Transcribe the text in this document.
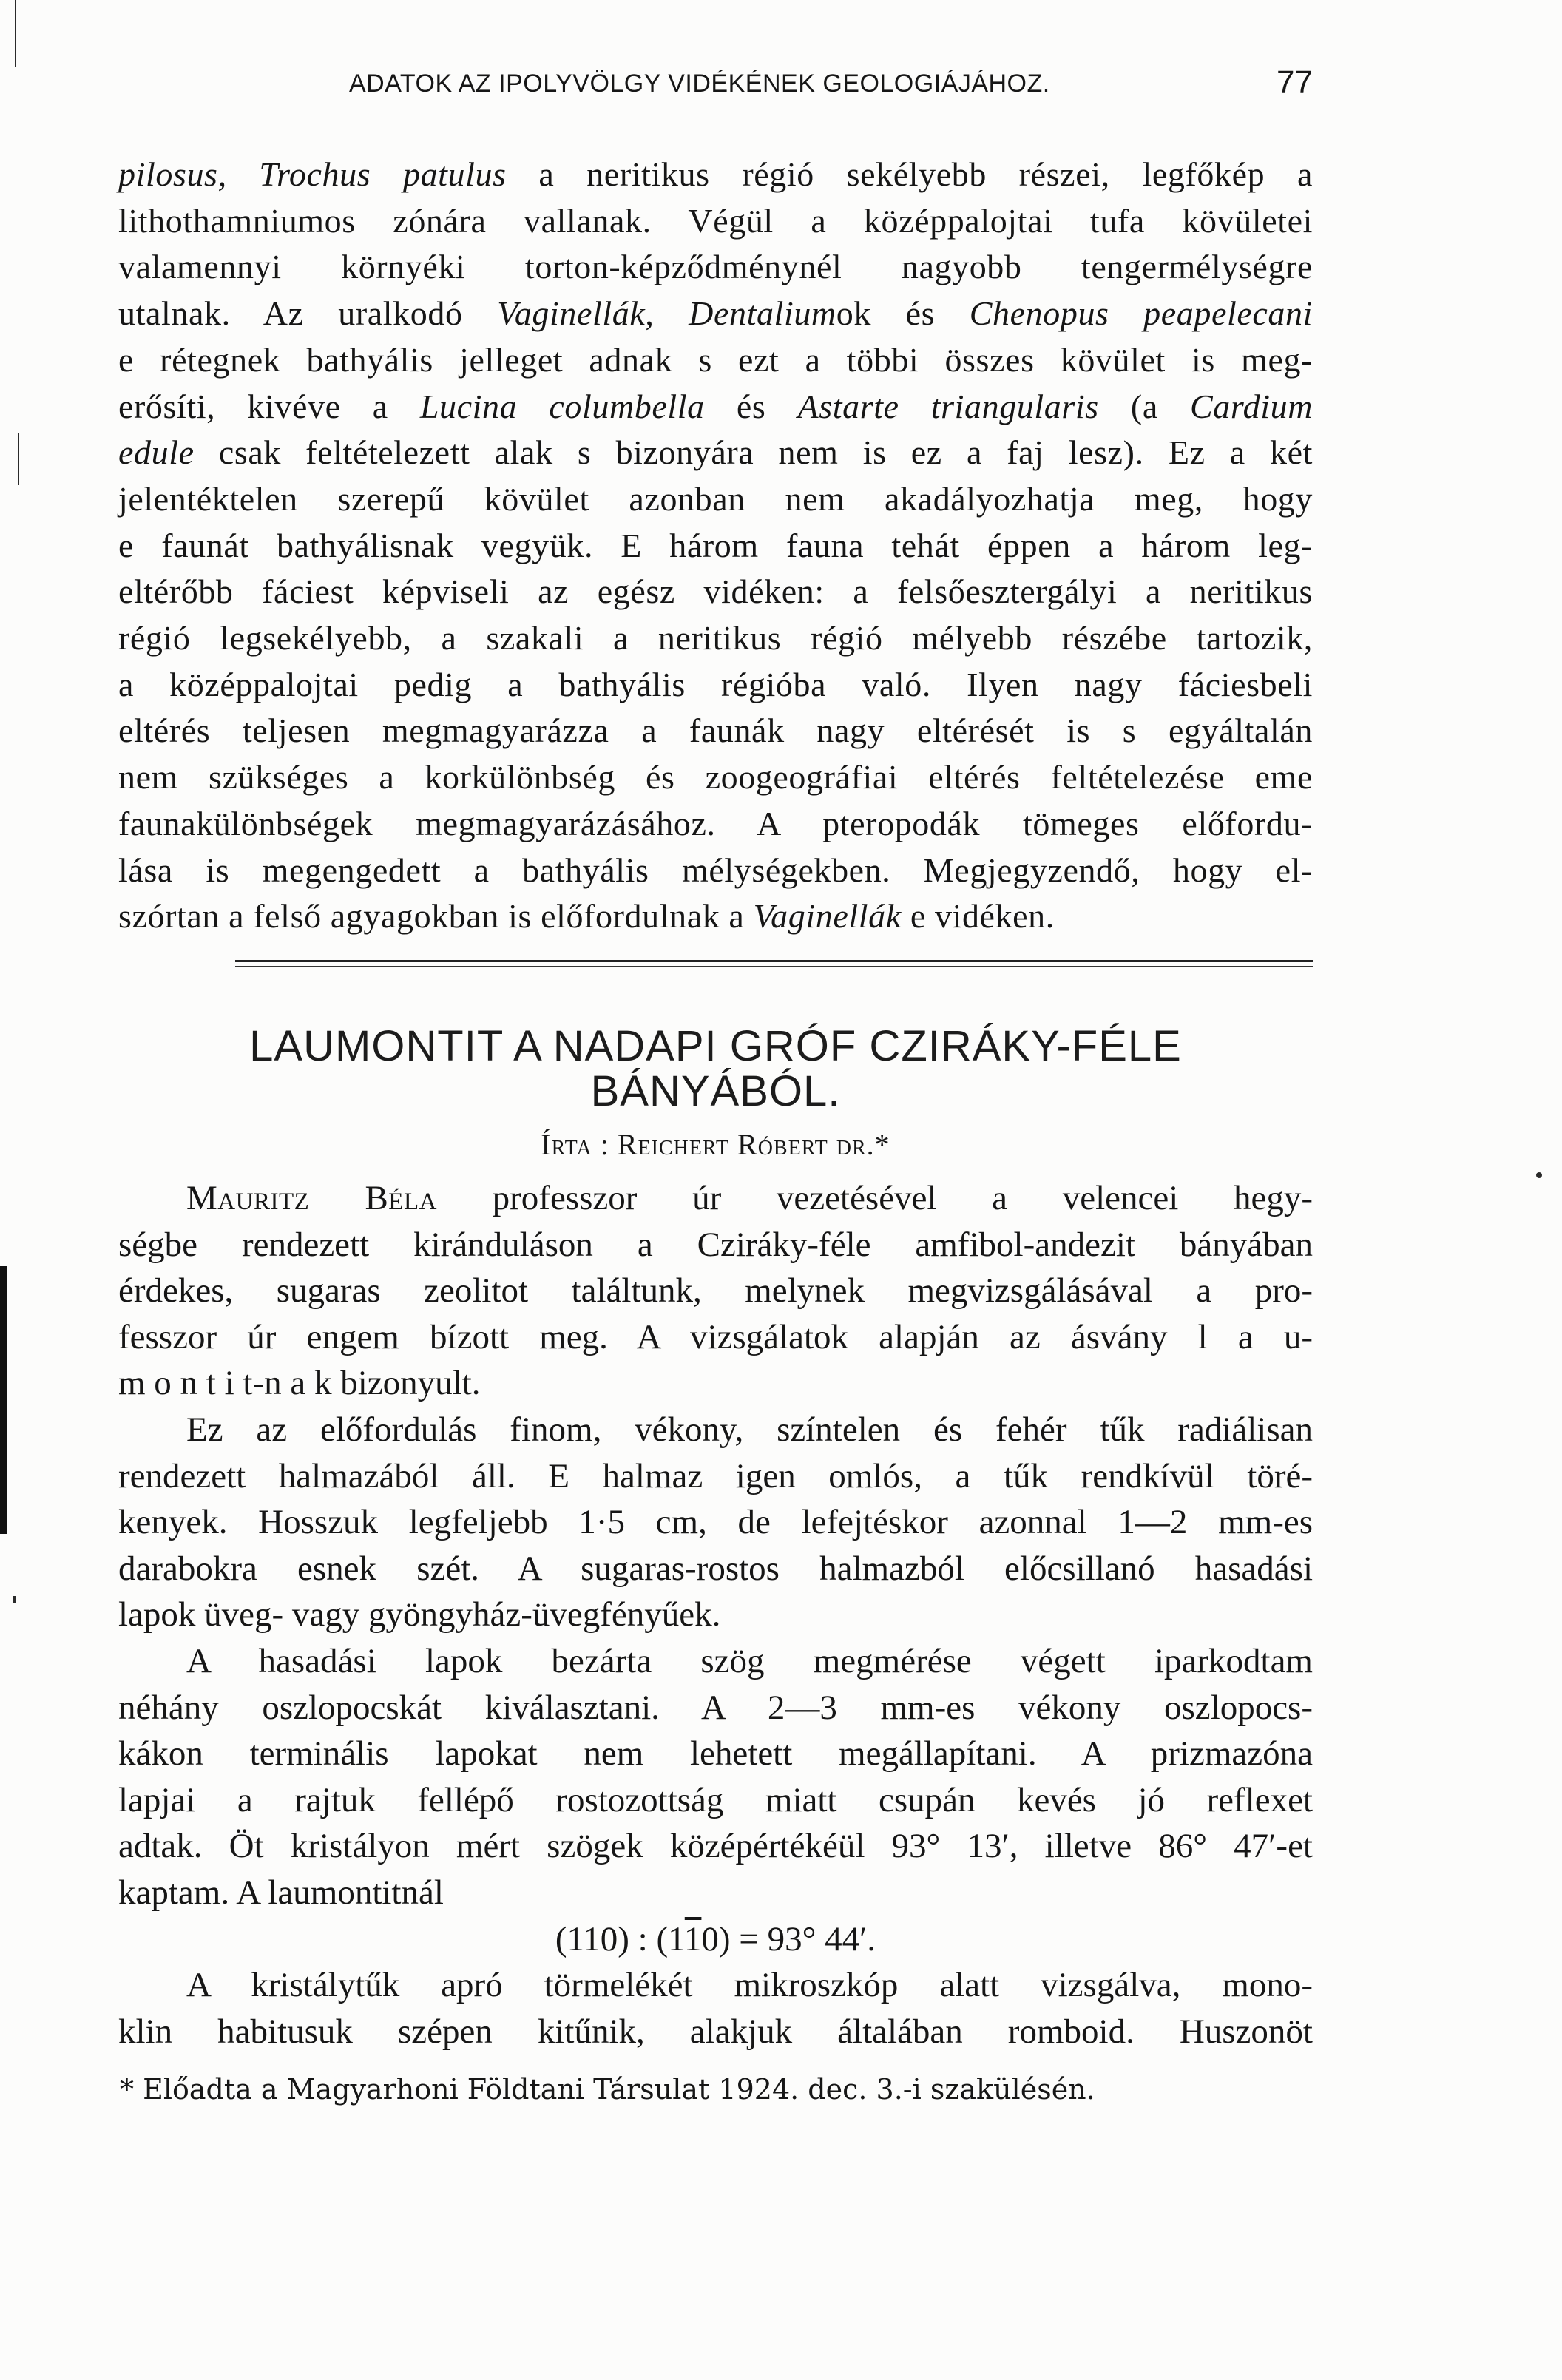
ADATOK AZ IPOLYVÖLGY VIDÉKÉNEK GEOLOGIÁJÁHOZ.	77
pilosus, Trochus patulus a neritikus régió sekélyebb részei, legfőkép a
lithothamniumos zónára vallanak. Végül a középpalojtai tufa kövületei
valamennyi környéki torton-képződménynél nagyobb tengermélységre
utalnak. Az uralkodó Vaginellák, Dentaliumok és Chenopus peapelecani
e rétegnek bathyális jelleget adnak s ezt a többi összes kövület is meg-
erősíti, kivéve a Lucina columbella és Astarte triangularis (a Cardium
edule csak feltételezett alak s bizonyára nem is ez a faj lesz). Ez a két
jelentéktelen szerepű kövület azonban nem akadályozhatja meg, hogy
e faunát bathyálisnak vegyük. E három fauna tehát éppen a három leg-
eltérőbb fáciest képviseli az egész vidéken: a felsőesztergályi a neritikus
régió legsekélyebb, a szakali a neritikus régió mélyebb részébe tartozik,
a középpalojtai pedig a bathyális régióba való. Ilyen nagy fáciesbeli
eltérés teljesen megmagyarázza a faunák nagy eltérését is s egyáltalán
nem szükséges a korkülönbség és zoogeográfiai eltérés feltételezése eme
faunakülönbségek megmagyarázásához. A pteropodák tömeges előfordu-
lása is megengedett a bathyális mélységekben. Megjegyzendő, hogy el-
szórtan a felső agyagokban is előfordulnak a Vaginellák e vidéken.
LAUMONTIT A NADAPI GRÓF CZIRÁKY-FÉLE
BÁNYÁBÓL.
Írta : Reichert Róbert dr.*
Mauritz Béla professzor úr vezetésével a velencei hegy-
ségbe rendezett kiránduláson a Cziráky-féle amfibol-andezit bányában
érdekes, sugaras zeolitot találtunk, melynek megvizsgálásával a pro-
fesszor úr engem bízott meg. A vizsgálatok alapján az ásvány l a u-
m o n t i t-n a k bizonyult.
Ez az előfordulás finom, vékony, színtelen és fehér tűk radiálisan
rendezett halmazából áll. E halmaz igen omlós, a tűk rendkívül töré-
kenyek. Hosszuk legfeljebb 1·5 cm, de lefejtéskor azonnal 1—2 mm-es
darabokra esnek szét. A sugaras-rostos halmazból előcsillanó hasadási
lapok üveg- vagy gyöngyház-üvegfényűek.
A hasadási lapok bezárta szög megmérése végett iparkodtam
néhány oszlopocskát kiválasztani. A 2—3 mm-es vékony oszlopocs-
kákon terminális lapokat nem lehetett megállapítani. A prizmazóna
lapjai a rajtuk fellépő rostozottság miatt csupán kevés jó reflexet
adtak. Öt kristályon mért szögek középértékéül 93° 13′, illetve 86° 47′-et
kaptam. A laumontitnál
(110) : (110) = 93° 44′.
A kristálytűk apró törmelékét mikroszkóp alatt vizsgálva, mono-
klin habitusuk szépen kitűnik, alakjuk általában romboid. Huszonöt
* Előadta a Magyarhoni Földtani Társulat 1924. dec. 3.-i szakülésén.
